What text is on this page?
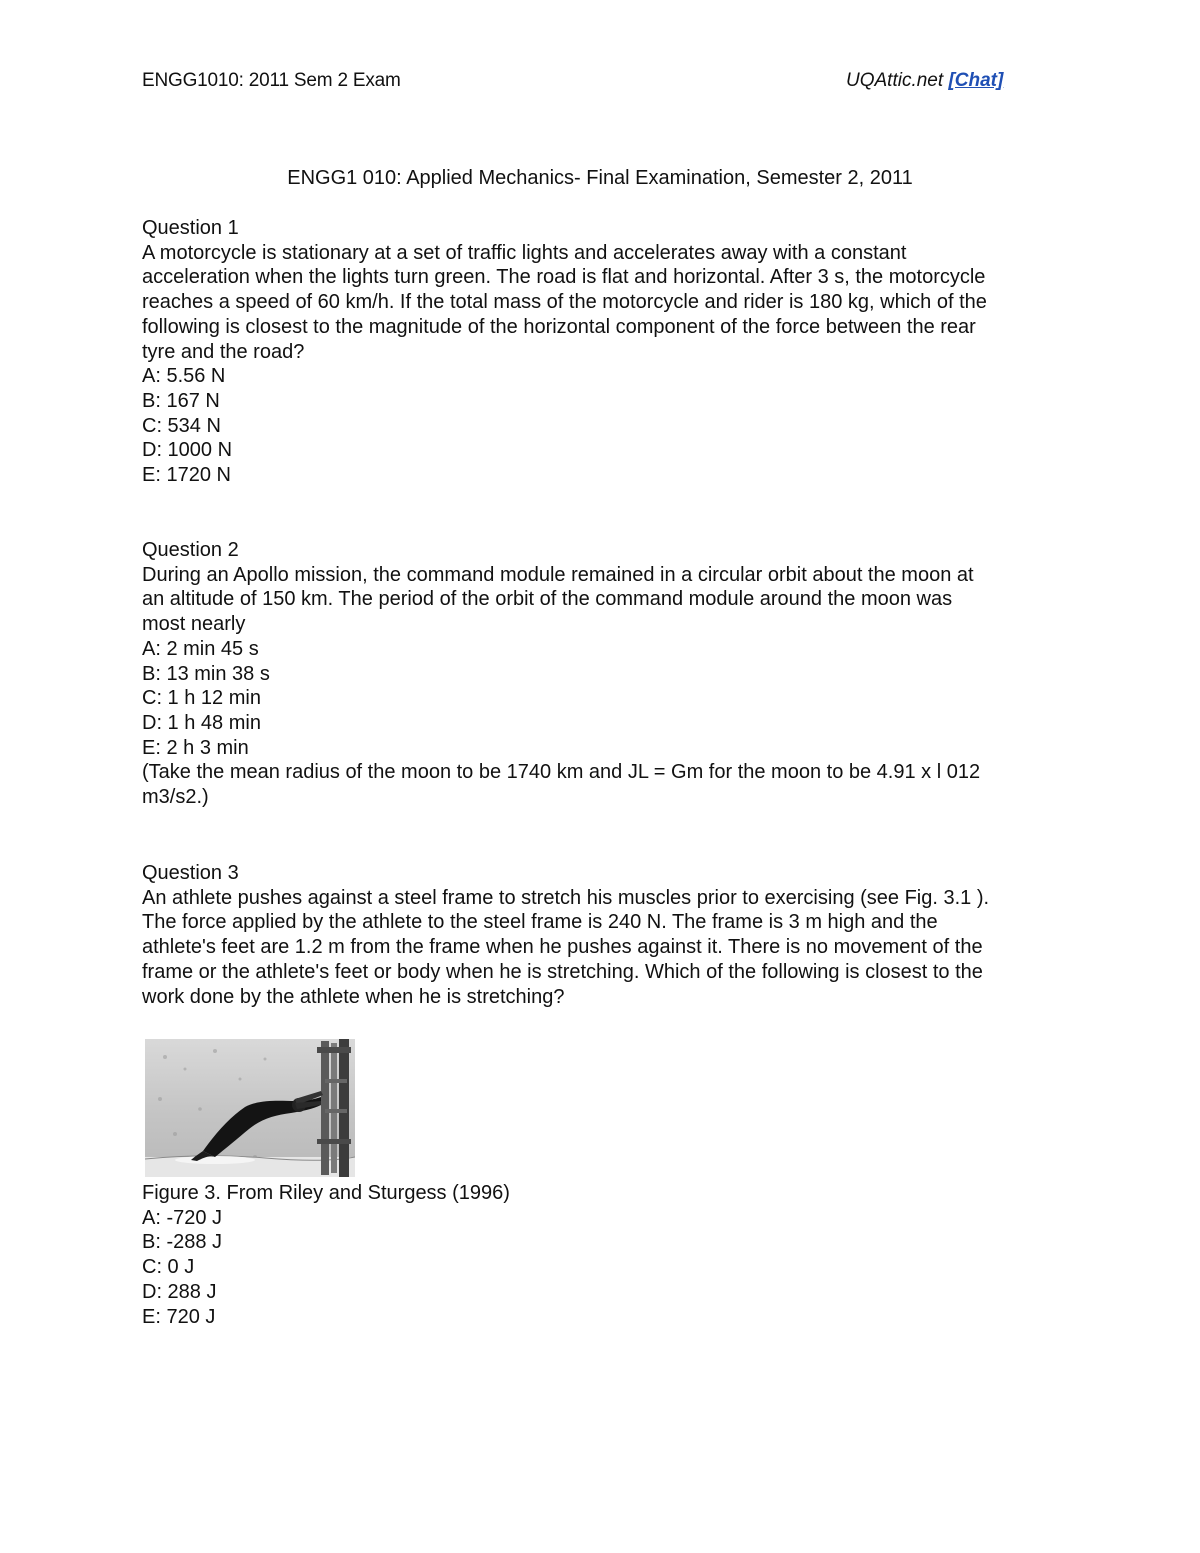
ENGG1010: 2011 Sem 2 Exam	UQAttic.net [Chat]
ENGG1 010: Applied Mechanics- Final Examination, Semester 2, 2011
Question 1
A motorcycle is stationary at a set of traffic lights and accelerates away with a constant
acceleration when the lights turn green. The road is flat and horizontal. After 3 s, the motorcycle
reaches a speed of 60 km/h. If the total mass of the motorcycle and rider is 180 kg, which of the
following is closest to the magnitude of the horizontal component of the force between the rear
tyre and the road?
A: 5.56 N
B: 167 N
C: 534 N
D: 1000 N
E: 1720 N
Question 2
During an Apollo mission, the command module remained in a circular orbit about the moon at
an altitude of 150 km. The period of the orbit of the command module around the moon was
most nearly
A: 2 min 45 s
B: 13 min 38 s
C: 1 h 12 min
D: 1 h 48 min
E: 2 h 3 min
(Take the mean radius of the moon to be 1740 km and JL = Gm for the moon to be 4.91 x l 012
m3/s2.)
Question 3
An athlete pushes against a steel frame to stretch his muscles prior to exercising (see Fig. 3.1 ).
The force applied by the athlete to the steel frame is 240 N. The frame is 3 m high and the
athlete's feet are 1.2 m from the frame when he pushes against it. There is no movement of the
frame or the athlete's feet or body when he is stretching. Which of the following is closest to the
work done by the athlete when he is stretching?
Figure 3. From Riley and Sturgess (1996)
A: -720 J
B: -288 J
C: 0 J
D: 288 J
E: 720 J
